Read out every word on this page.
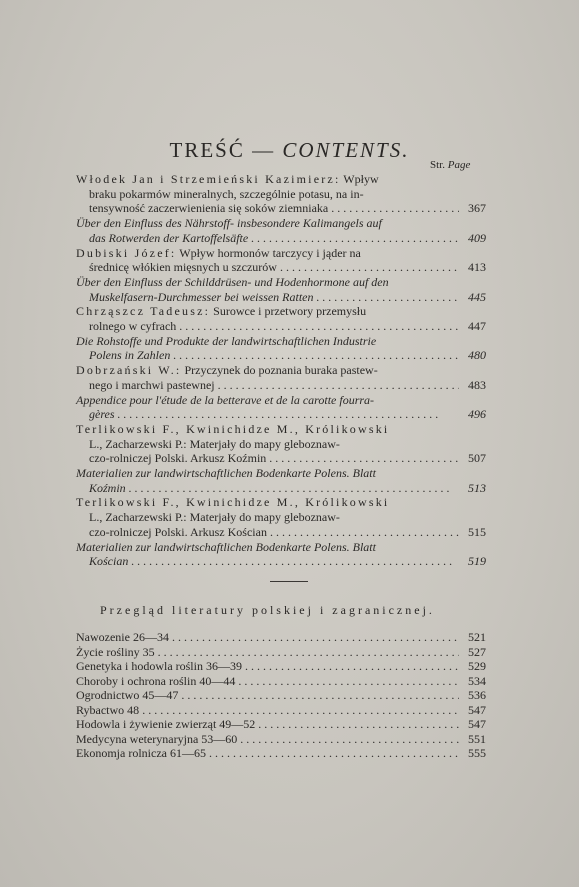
TREŚĆ — CONTENTS.
Str. Page
Włodek Jan i Strzemieński Kazimierz: Wpływ
braku pokarmów mineralnych, szczególnie potasu, na in-
tensywność zaczerwienienia się soków ziemniaka . . .	367
Über den Einfluss des Nährstoff- insbesondere Kalimangels auf
das Rotwerden der Kartoffelsäfte . . .	409
Dubiski Józef: Wpływ hormonów tarczycy i jąder na
średnicę włókien mięsnych u szczurów . . .	413
Über den Einfluss der Schilddrüsen- und Hodenhormone auf den
Muskelfasern-Durchmesser bei weissen Ratten . . .	445
Chrząszcz Tadeusz: Surowce i przetwory przemysłu
rolnego w cyfrach . . .	447
Die Rohstoffe und Produkte der landwirtschaftlichen Industrie
Polens in Zahlen . . .	480
Dobrzański W.: Przyczynek do poznania buraka pastew-
nego i marchwi pastewnej . . .	483
Appendice pour l'étude de la betterave et de la carotte fourra-
gères . . .	496
Terlikowski F., Kwinichidze M., Królikowski
L., Zacharzewski P.: Materjały do mapy gleboznaw-
czo-rolniczej Polski. Arkusz Koźmin . . .	507
Materialien zur landwirtschaftlichen Bodenkarte Polens. Blatt
Koźmin . . .	513
Terlikowski F., Kwinichidze M., Królikowski
L., Zacharzewski P.: Materjały do mapy gleboznaw-
czo-rolniczej Polski. Arkusz Kościan . . .	515
Materialien zur landwirtschaftlichen Bodenkarte Polens. Blatt
Kościan . . .	519
Przegląd literatury polskiej i zagranicznej.
Nawozenie 26—34 . . .	521
Życie rośliny 35 . . .	527
Genetyka i hodowla roślin 36—39 . . .	529
Choroby i ochrona roślin 40—44 . . .	534
Ogrodnictwo 45—47 . . .	536
Rybactwo 48 . . .	547
Hodowla i żywienie zwierząt 49—52 . . .	547
Medycyna weterynaryjna 53—60 . . .	551
Ekonomja rolnicza 61—65 . . .	555
